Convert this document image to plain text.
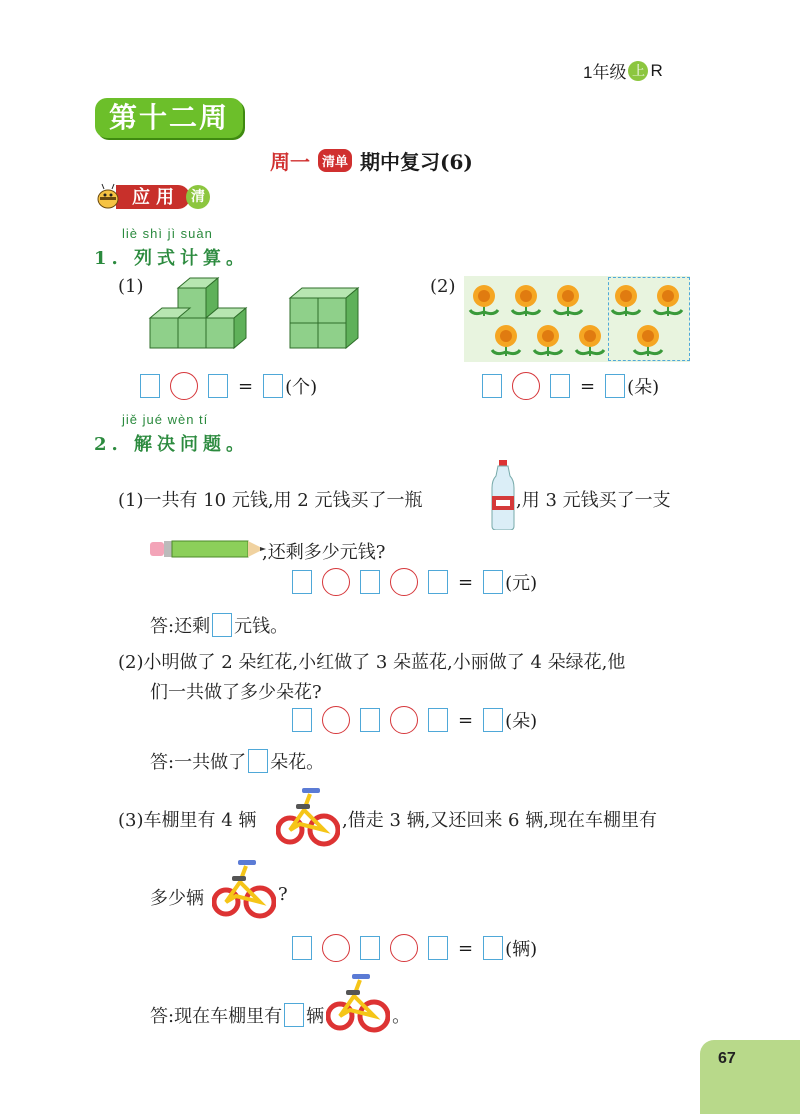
1年级 上 R
第十二周
周一 清单 期中复习(6)
应用 清
liè shì jì suàn
1. 列式计算。
(1)	(2)
= (个)	= (朵)
jiě jué wèn tí
2. 解决问题。
(1)一共有 10 元钱,用 2 元钱买了一瓶	,用 3 元钱买了一支
,还剩多少元钱?
= (元)
答:还剩 元钱。
(2)小明做了 2 朵红花,小红做了 3 朵蓝花,小丽做了 4 朵绿花,他
们一共做了多少朵花?
= (朵)
答:一共做了 朵花。
(3)车棚里有 4 辆	,借走 3 辆,又还回来 6 辆,现在车棚里有
多少辆	?
= (辆)
答:现在车棚里有 辆	。
67
